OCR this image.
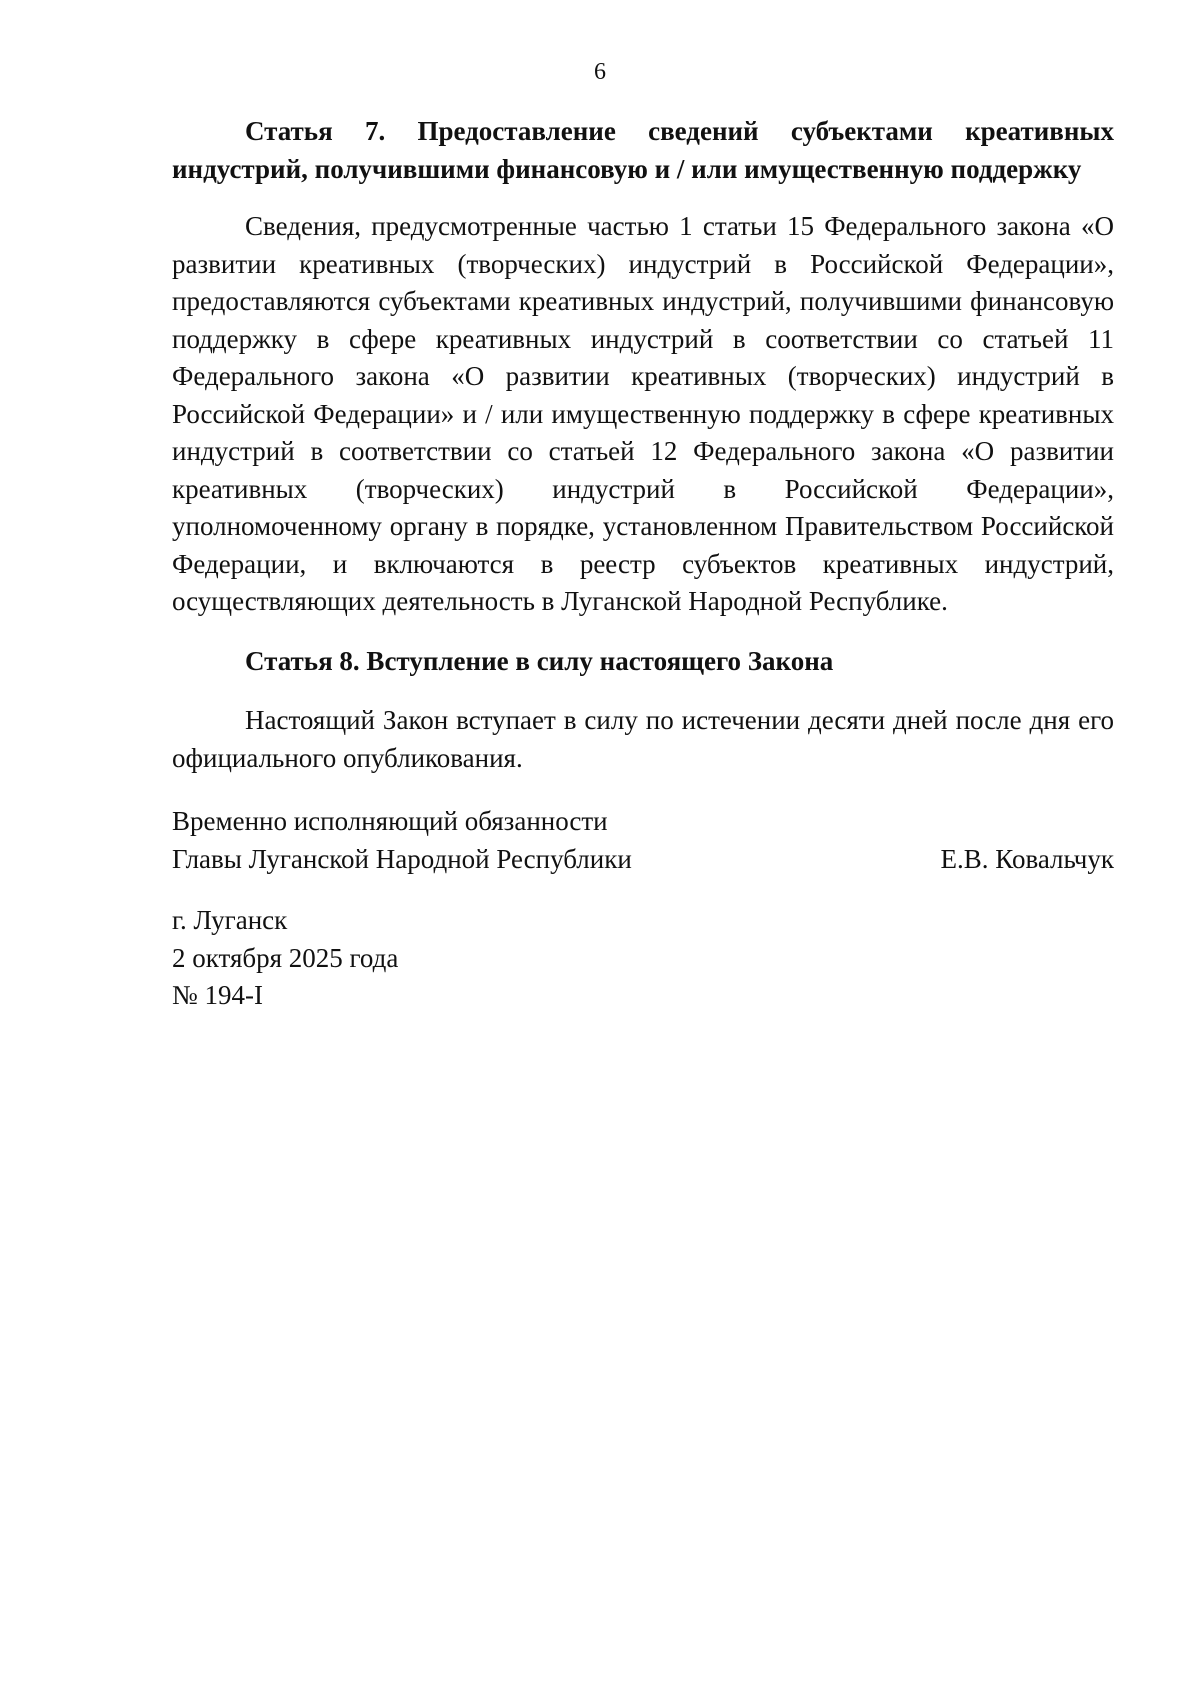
6

Статья 7. Предоставление сведений субъектами креативных индустрий, получившими финансовую и / или имущественную поддержку

Сведения, предусмотренные частью 1 статьи 15 Федерального закона «О развитии креативных (творческих) индустрий в Российской Федерации», предоставляются субъектами креативных индустрий, получившими финансовую поддержку в сфере креативных индустрий в соответствии со статьей 11 Федерального закона «О развитии креативных (творческих) индустрий в Российской Федерации» и / или имущественную поддержку в сфере креативных индустрий в соответствии со статьей 12 Федерального закона «О развитии креативных (творческих) индустрий в Российской Федерации», уполномоченному органу в порядке, установленном Правительством Российской Федерации, и включаются в реестр субъектов креативных индустрий, осуществляющих деятельность в Луганской Народной Республике.

Статья 8. Вступление в силу настоящего Закона

Настоящий Закон вступает в силу по истечении десяти дней после дня его официального опубликования.

Временно исполняющий обязанности

Главы Луганской Народной Республики	Е.В. Ковальчук

г. Луганск

2 октября 2025 года

№ 194-I
